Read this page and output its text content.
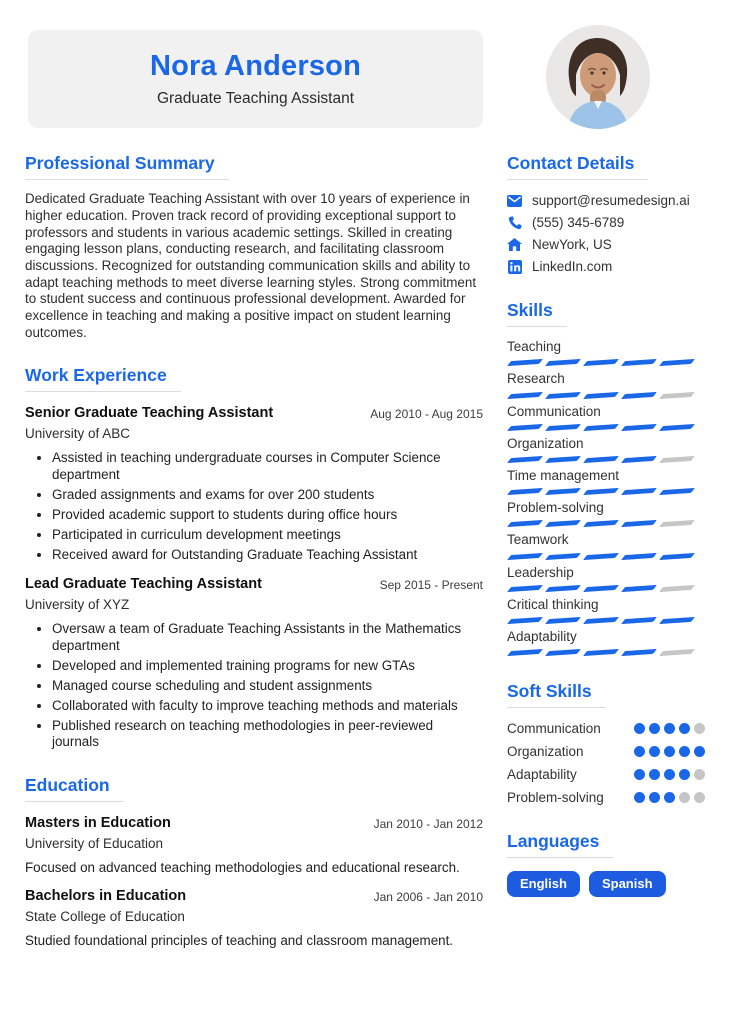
Nora Anderson
Graduate Teaching Assistant
Professional Summary

Dedicated Graduate Teaching Assistant with over 10 years of experience in higher education. Proven track record of providing exceptional support to professors and students in various academic settings. Skilled in creating engaging lesson plans, conducting research, and facilitating classroom discussions. Recognized for outstanding communication skills and ability to adapt teaching methods to meet diverse learning styles. Strong commitment to student success and continuous professional development. Awarded for excellence in teaching and making a positive impact on student learning outcomes.

Work Experience
Senior Graduate Teaching Assistant	Aug 2010 - Aug 2015
University of ABC
• Assisted in teaching undergraduate courses in Computer Science department
• Graded assignments and exams for over 200 students
• Provided academic support to students during office hours
• Participated in curriculum development meetings
• Received award for Outstanding Graduate Teaching Assistant
Lead Graduate Teaching Assistant	Sep 2015 - Present
University of XYZ
• Oversaw a team of Graduate Teaching Assistants in the Mathematics department
• Developed and implemented training programs for new GTAs
• Managed course scheduling and student assignments
• Collaborated with faculty to improve teaching methods and materials
• Published research on teaching methodologies in peer-reviewed journals
Education
Masters in Education	Jan 2010 - Jan 2012
University of Education

Focused on advanced teaching methodologies and educational research.

Bachelors in Education	Jan 2006 - Jan 2010
State College of Education

Studied foundational principles of teaching and classroom management.

Contact Details
support@resumedesign.ai
(555) 345-6789
NewYork, US
LinkedIn.com
Skills
Teaching
Research
Communication
Organization
Time management
Problem-solving
Teamwork
Leadership
Critical thinking
Adaptability
Soft Skills
Communication
Organization
Adaptability
Problem-solving
Languages
English	Spanish
